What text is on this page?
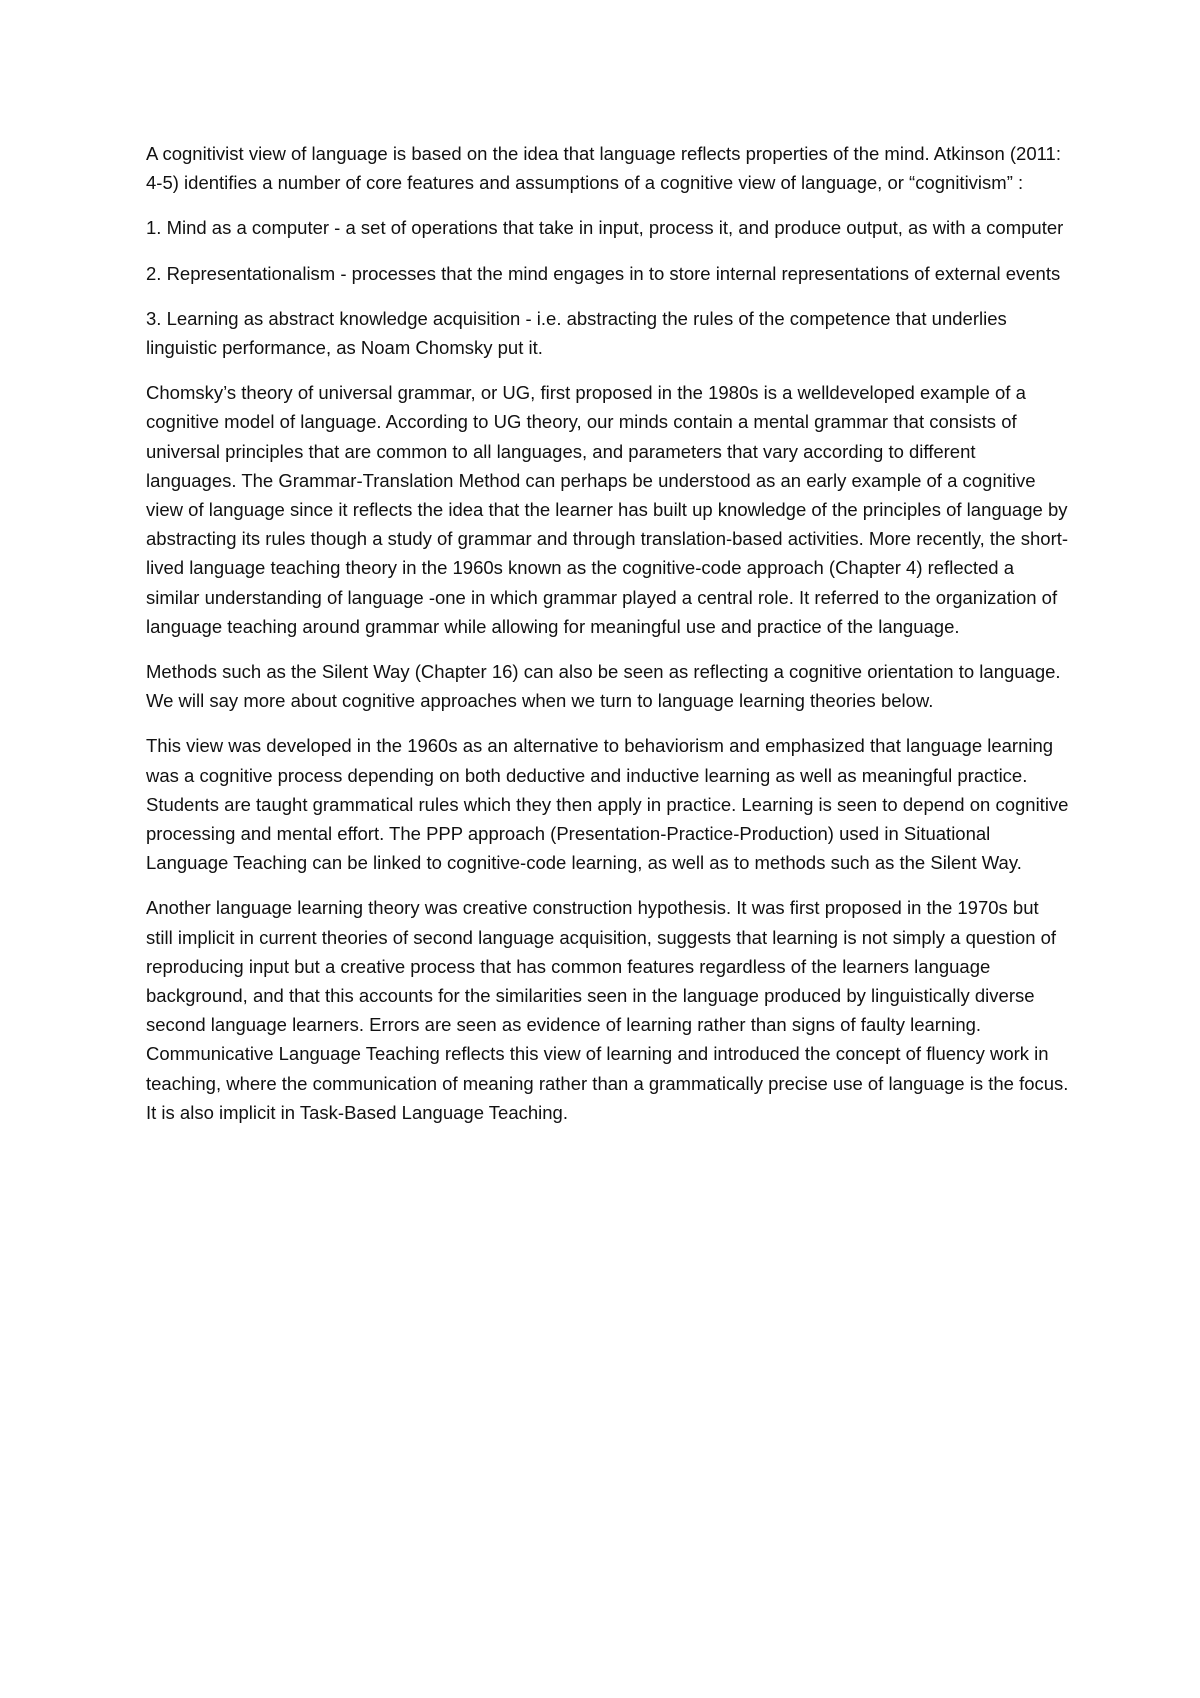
A cognitivist view of language is based on the idea that language reflects properties of the mind. Atkinson (2011: 4-5) identifies a number of core features and assumptions of a cognitive view of language, or “cognitivism” :

1. Mind as a computer - a set of operations that take in input, process it, and produce output, as with a computer

2. Representationalism - processes that the mind engages in to store internal representations of external events

3. Learning as abstract knowledge acquisition - i.e. abstracting the rules of the competence that underlies linguistic performance, as Noam Chomsky put it.

Chomsky’s theory of universal grammar, or UG, first proposed in the 1980s is a welldeveloped example of a cognitive model of language. According to UG theory, our minds contain a mental grammar that consists of universal principles that are common to all languages, and parameters that vary according to different languages. The Grammar-Translation Method can perhaps be understood as an early example of a cognitive view of language since it reflects the idea that the learner has built up knowledge of the principles of language by abstracting its rules though a study of grammar and through translation-based activities. More recently, the short-lived language teaching theory in the 1960s known as the cognitive-code approach (Chapter 4) reflected a similar understanding of language -one in which grammar played a central role. It referred to the organization of language teaching around grammar while allowing for meaningful use and practice of the language.

Methods such as the Silent Way (Chapter 16) can also be seen as reflecting a cognitive orientation to language. We will say more about cognitive approaches when we turn to language learning theories below.

This view was developed in the 1960s as an alternative to behaviorism and emphasized that language learning was a cognitive process depending on both deductive and inductive learning as well as meaningful practice. Students are taught grammatical rules which they then apply in practice. Learning is seen to depend on cognitive processing and mental effort. The PPP approach (Presentation-Practice-Production) used in Situational Language Teaching can be linked to cognitive-code learning, as well as to methods such as the Silent Way.

Another language learning theory was creative construction hypothesis. It was first proposed in the 1970s but still implicit in current theories of second language acquisition, suggests that learning is not simply a question of reproducing input but a creative process that has common features regardless of the learners language background, and that this accounts for the similarities seen in the language produced by linguistically diverse second language learners. Errors are seen as evidence of learning rather than signs of faulty learning. Communicative Language Teaching reflects this view of learning and introduced the concept of fluency work in teaching, where the communication of meaning rather than a grammatically precise use of language is the focus. It is also implicit in Task-Based Language Teaching.
